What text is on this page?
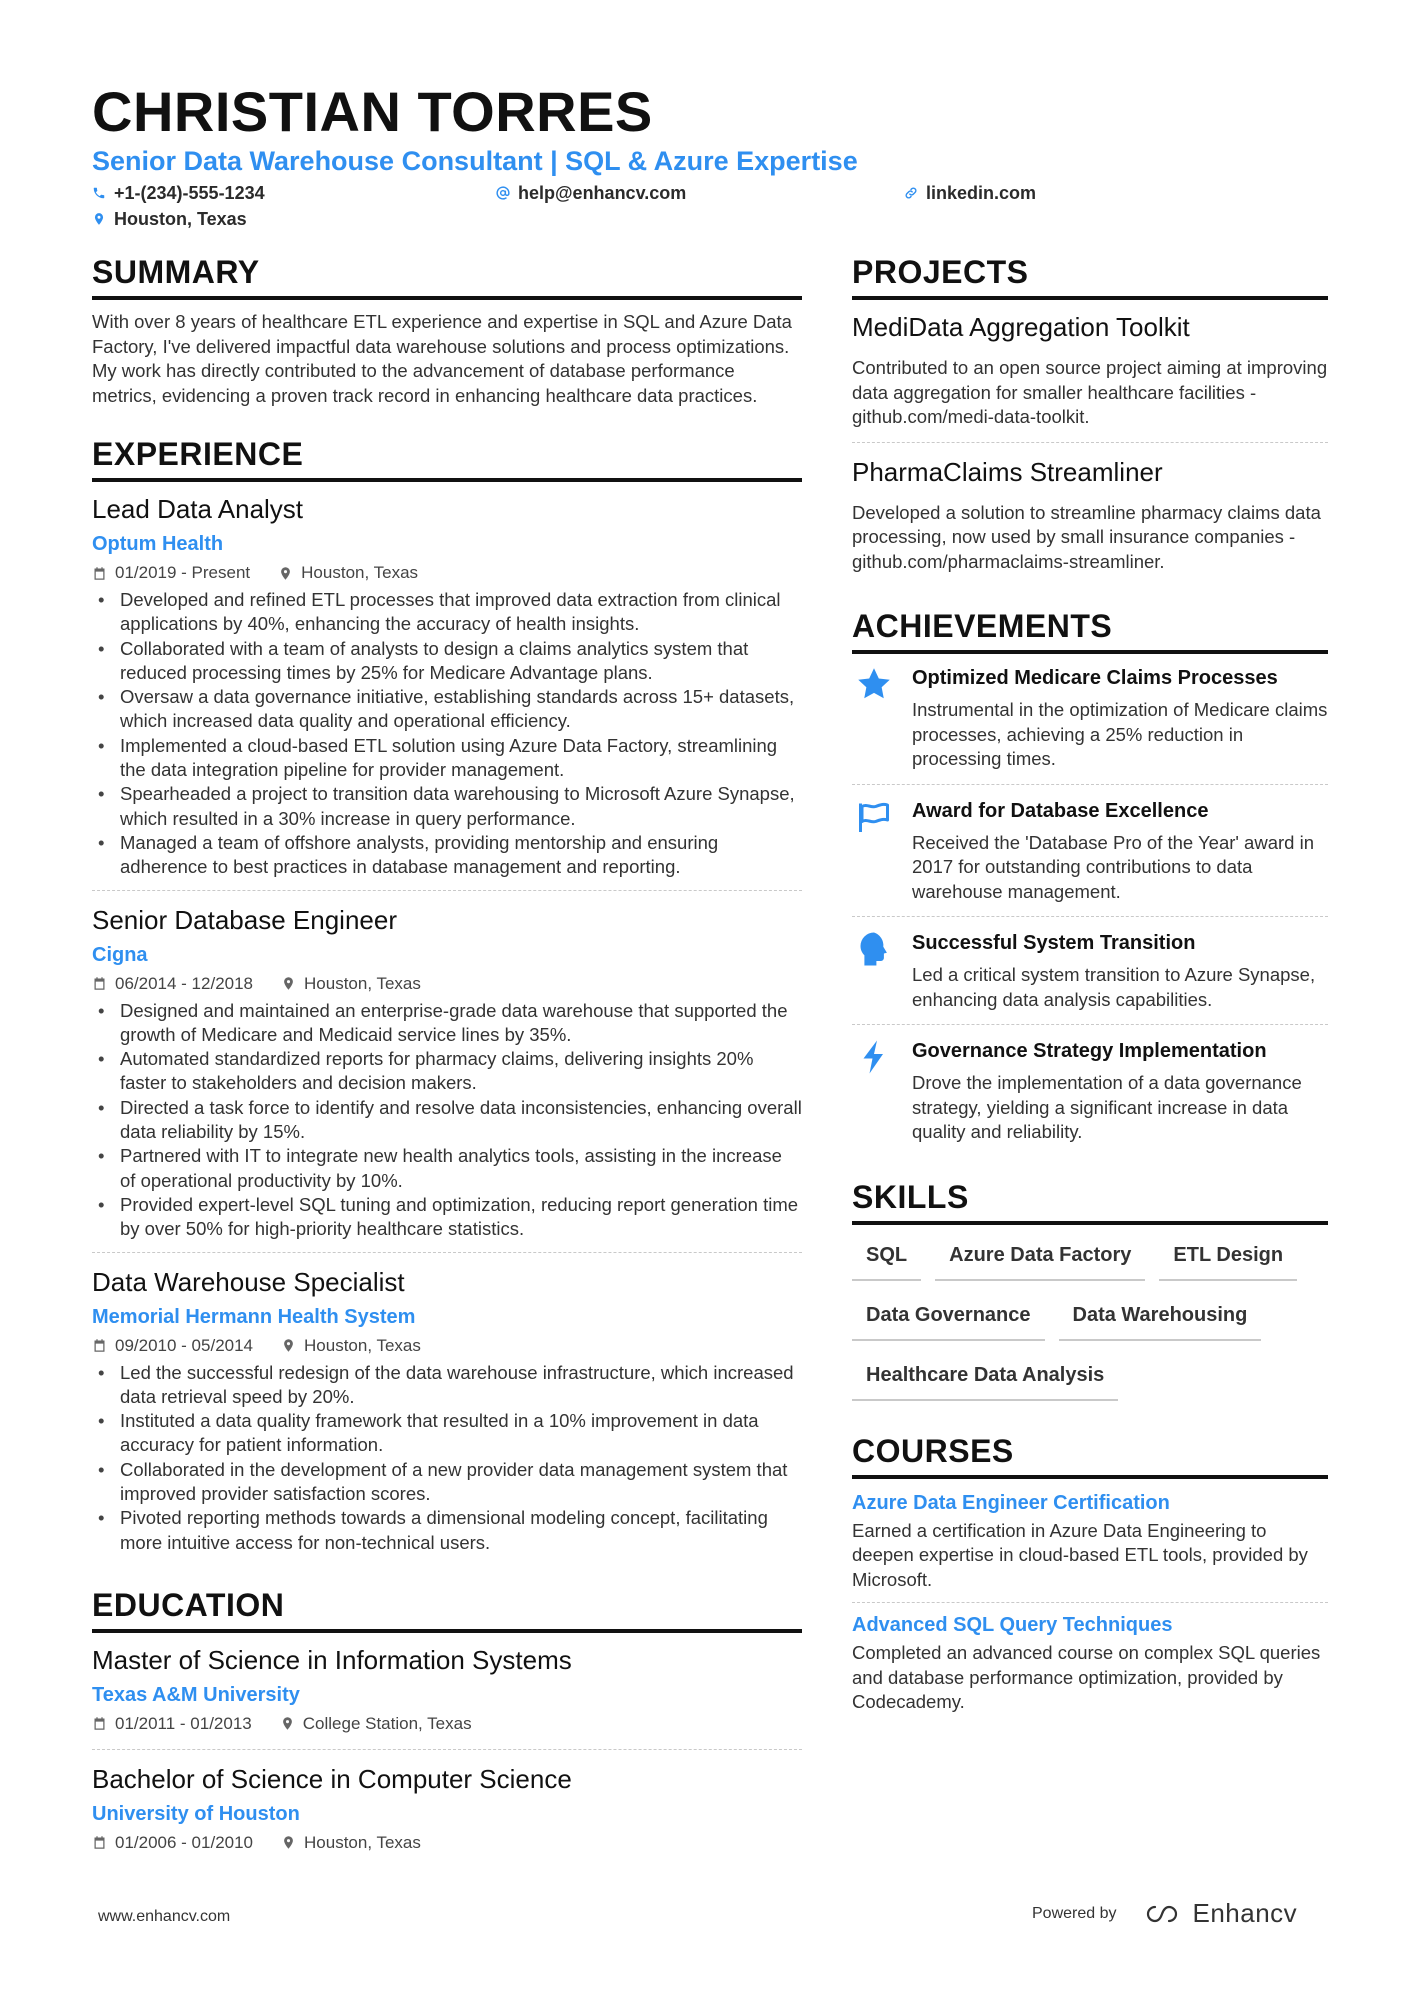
CHRISTIAN TORRES
Senior Data Warehouse Consultant | SQL & Azure Expertise
+1-(234)-555-1234	help@enhancv.com	linkedin.com
Houston, Texas
SUMMARY
With over 8 years of healthcare ETL experience and expertise in SQL and Azure Data Factory, I've delivered impactful data warehouse solutions and process optimizations. My work has directly contributed to the advancement of database performance metrics, evidencing a proven track record in enhancing healthcare data practices.
EXPERIENCE
Lead Data Analyst
Optum Health
01/2019 - Present	Houston, Texas
• Developed and refined ETL processes that improved data extraction from clinical applications by 40%, enhancing the accuracy of health insights.
• Collaborated with a team of analysts to design a claims analytics system that reduced processing times by 25% for Medicare Advantage plans.
• Oversaw a data governance initiative, establishing standards across 15+ datasets, which increased data quality and operational efficiency.
• Implemented a cloud-based ETL solution using Azure Data Factory, streamlining the data integration pipeline for provider management.
• Spearheaded a project to transition data warehousing to Microsoft Azure Synapse, which resulted in a 30% increase in query performance.
• Managed a team of offshore analysts, providing mentorship and ensuring adherence to best practices in database management and reporting.
Senior Database Engineer
Cigna
06/2014 - 12/2018	Houston, Texas
• Designed and maintained an enterprise-grade data warehouse that supported the growth of Medicare and Medicaid service lines by 35%.
• Automated standardized reports for pharmacy claims, delivering insights 20% faster to stakeholders and decision makers.
• Directed a task force to identify and resolve data inconsistencies, enhancing overall data reliability by 15%.
• Partnered with IT to integrate new health analytics tools, assisting in the increase of operational productivity by 10%.
• Provided expert-level SQL tuning and optimization, reducing report generation time by over 50% for high-priority healthcare statistics.
Data Warehouse Specialist
Memorial Hermann Health System
09/2010 - 05/2014	Houston, Texas
• Led the successful redesign of the data warehouse infrastructure, which increased data retrieval speed by 20%.
• Instituted a data quality framework that resulted in a 10% improvement in data accuracy for patient information.
• Collaborated in the development of a new provider data management system that improved provider satisfaction scores.
• Pivoted reporting methods towards a dimensional modeling concept, facilitating more intuitive access for non-technical users.
EDUCATION
Master of Science in Information Systems
Texas A&M University
01/2011 - 01/2013	College Station, Texas
Bachelor of Science in Computer Science
University of Houston
01/2006 - 01/2010	Houston, Texas
PROJECTS
MediData Aggregation Toolkit
Contributed to an open source project aiming at improving data aggregation for smaller healthcare facilities - github.com/medi-data-toolkit.
PharmaClaims Streamliner
Developed a solution to streamline pharmacy claims data processing, now used by small insurance companies - github.com/pharmaclaims-streamliner.
ACHIEVEMENTS
Optimized Medicare Claims Processes
Instrumental in the optimization of Medicare claims processes, achieving a 25% reduction in processing times.
Award for Database Excellence
Received the 'Database Pro of the Year' award in 2017 for outstanding contributions to data warehouse management.
Successful System Transition
Led a critical system transition to Azure Synapse, enhancing data analysis capabilities.
Governance Strategy Implementation
Drove the implementation of a data governance strategy, yielding a significant increase in data quality and reliability.
SKILLS
SQL	Azure Data Factory	ETL Design
Data Governance	Data Warehousing
Healthcare Data Analysis
COURSES
Azure Data Engineer Certification
Earned a certification in Azure Data Engineering to deepen expertise in cloud-based ETL tools, provided by Microsoft.
Advanced SQL Query Techniques
Completed an advanced course on complex SQL queries and database performance optimization, provided by Codecademy.
www.enhancv.com	Powered by	Enhancv
